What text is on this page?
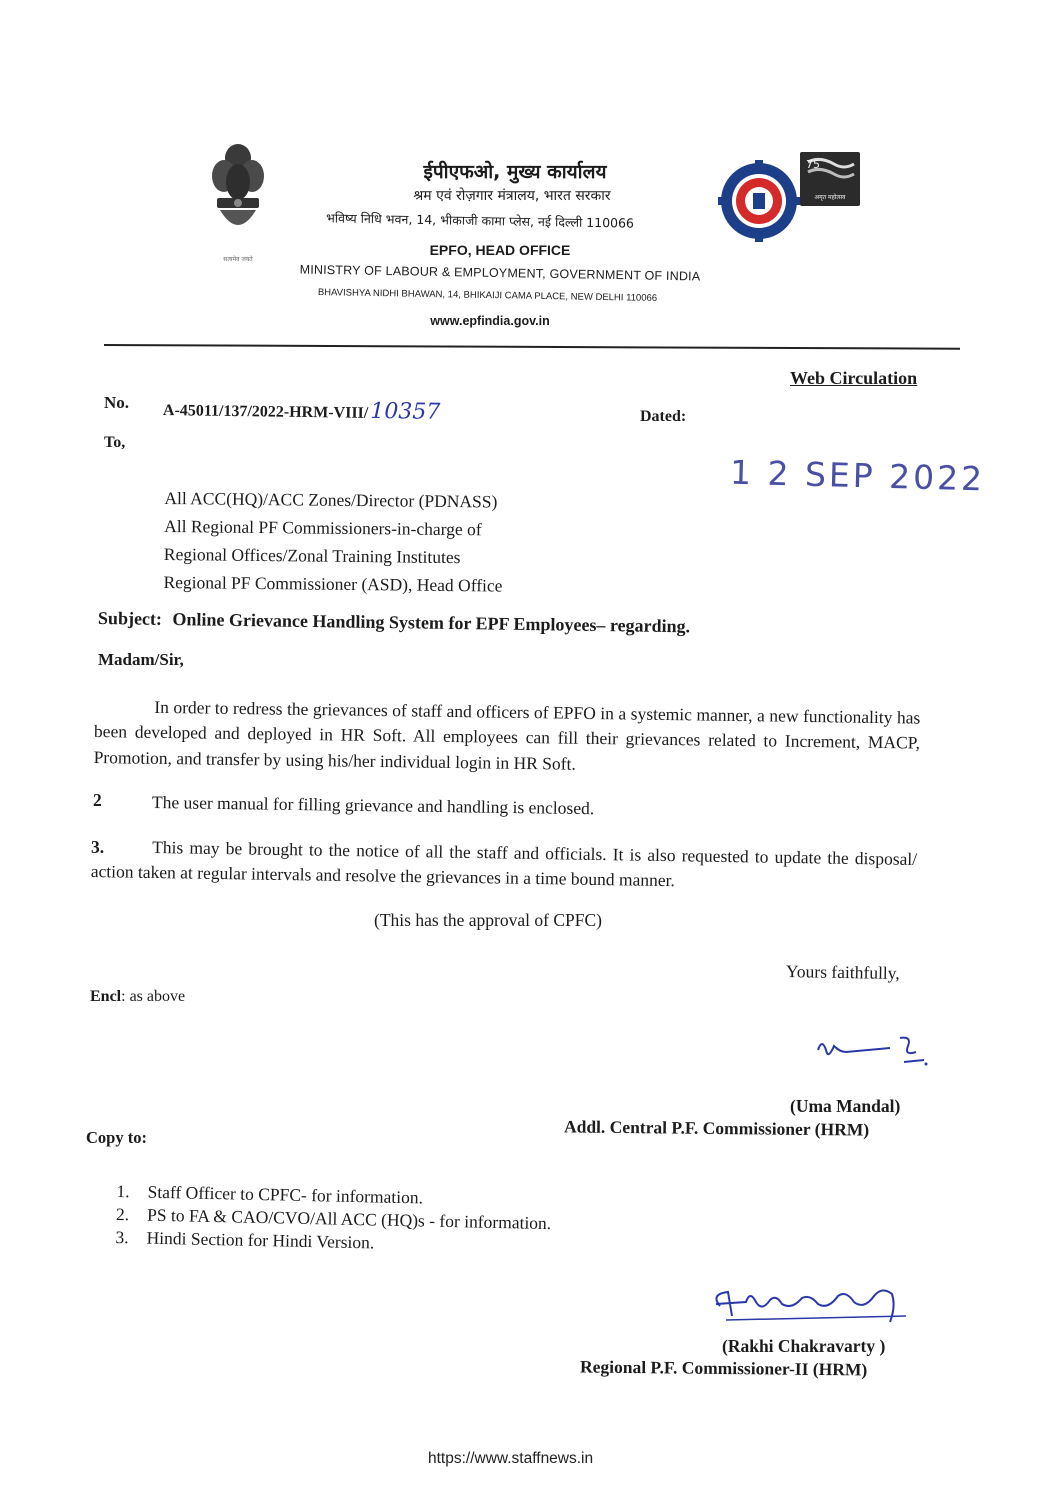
सत्यमेव जयते
ईपीएफओ, मुख्य कार्यालय
श्रम एवं रोज़गार मंत्रालय, भारत सरकार
भविष्य निधि भवन, 14, भीकाजी कामा प्लेस, नई दिल्ली 110066
EPFO, HEAD OFFICE
MINISTRY OF LABOUR & EMPLOYMENT, GOVERNMENT OF INDIA
BHAVISHYA NIDHI BHAWAN, 14, BHIKAIJI CAMA PLACE, NEW DELHI 110066
www.epfindia.gov.in
75
अमृत महोत्सव
Web Circulation
No. A-45011/137/2022-HRM-VIII/10357	Dated:
1 2 SEP 2022
To,
All ACC(HQ)/ACC Zones/Director (PDNASS)
All Regional PF Commissioners-in-charge of
Regional Offices/Zonal Training Institutes
Regional PF Commissioner (ASD), Head Office
Subject: Online Grievance Handling System for EPF Employees– regarding.
Madam/Sir,
In order to redress the grievances of staff and officers of EPFO in a systemic manner, a new functionality has been developed and deployed in HR Soft. All employees can fill their grievances related to Increment, MACP, Promotion, and transfer by using his/her individual login in HR Soft.
2	The user manual for filling grievance and handling is enclosed.
3.	This may be brought to the notice of all the staff and officials. It is also requested to update the disposal/ action taken at regular intervals and resolve the grievances in a time bound manner.
(This has the approval of CPFC)
Yours faithfully,
Encl: as above
(Uma Mandal)
Addl. Central P.F. Commissioner (HRM)
Copy to:
1. Staff Officer to CPFC- for information.
2. PS to FA & CAO/CVO/All ACC (HQ)s - for information.
3. Hindi Section for Hindi Version.
(Rakhi Chakravarty )
Regional P.F. Commissioner-II (HRM)
https://www.staffnews.in
